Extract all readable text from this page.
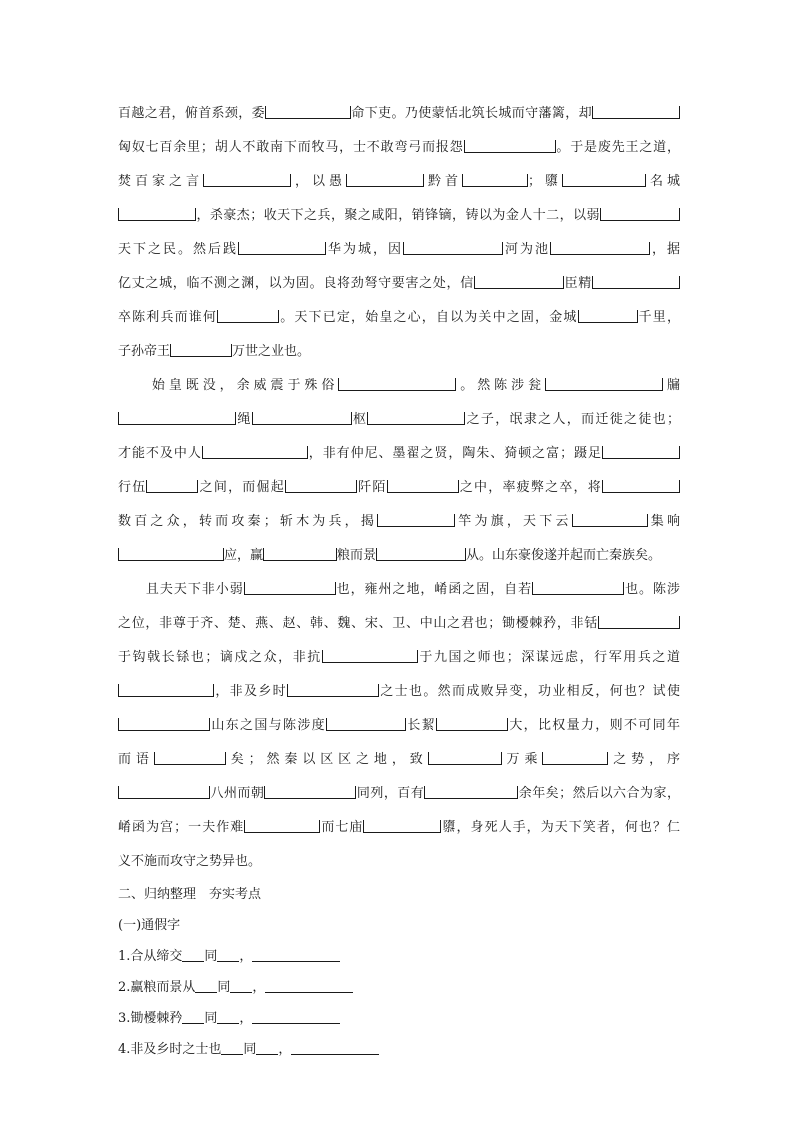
百越之君，俯首系颈，委	命下吏。乃使蒙恬北筑长城而守藩篱，却

匈奴七百余里；胡人不敢南下而牧马，士不敢弯弓而报怨	。于是废先王之道，

焚百家之言	，以愚	黔首	；隳	名城

，杀豪杰；收天下之兵，聚之咸阳，销锋镝，铸以为金人十二，以弱

天下之民。然后践	华为城，因	河为池	，据

亿丈之城，临不测之渊，以为固。良将劲弩守要害之处，信	臣精

卒陈利兵而谁何	。天下已定，始皇之心，自以为关中之固，金城	千里，

子孙帝王	万世之业也。

　　始皇既没，余威震于殊俗	。然陈涉瓮	牖

绳	枢	之子，氓隶之人，而迁徙之徒也；

才能不及中人	，非有仲尼、墨翟之贤，陶朱、猗顿之富；蹑足

行伍	之间，而倔起	阡陌	之中，率疲弊之卒，将

数百之众，转而攻秦；斩木为兵，揭	竿为旗，天下云	集响

应，赢	粮而景	从。山东豪俊遂并起而亡秦族矣。

　　且夫天下非小弱	也，雍州之地，崤函之固，自若	也。陈涉

之位，非尊于齐、楚、燕、赵、韩、魏、宋、卫、中山之君也；锄櫌棘矜，非铦

于钩戟长铩也；谪戍之众，非抗	于九国之师也；深谋远虑，行军用兵之道

，非及乡时	之士也。然而成败异变，功业相反，何也？试使

山东之国与陈涉度	长絜	大，比权量力，则不可同年

而语	矣；然秦以区区之地，致	万乘	之势，序

八州而朝	同列，百有	余年矣；然后以六合为家，

崤函为宫；一夫作难	而七庙	隳，身死人手，为天下笑者，何也？仁

义不施而攻守之势异也。

二、归纳整理　夯实考点

(一)通假字

1.合从缔交 同 ，

2.赢粮而景从 同 ，

3.锄櫌棘矜 同 ，

4.非及乡时之士也 同 ，
